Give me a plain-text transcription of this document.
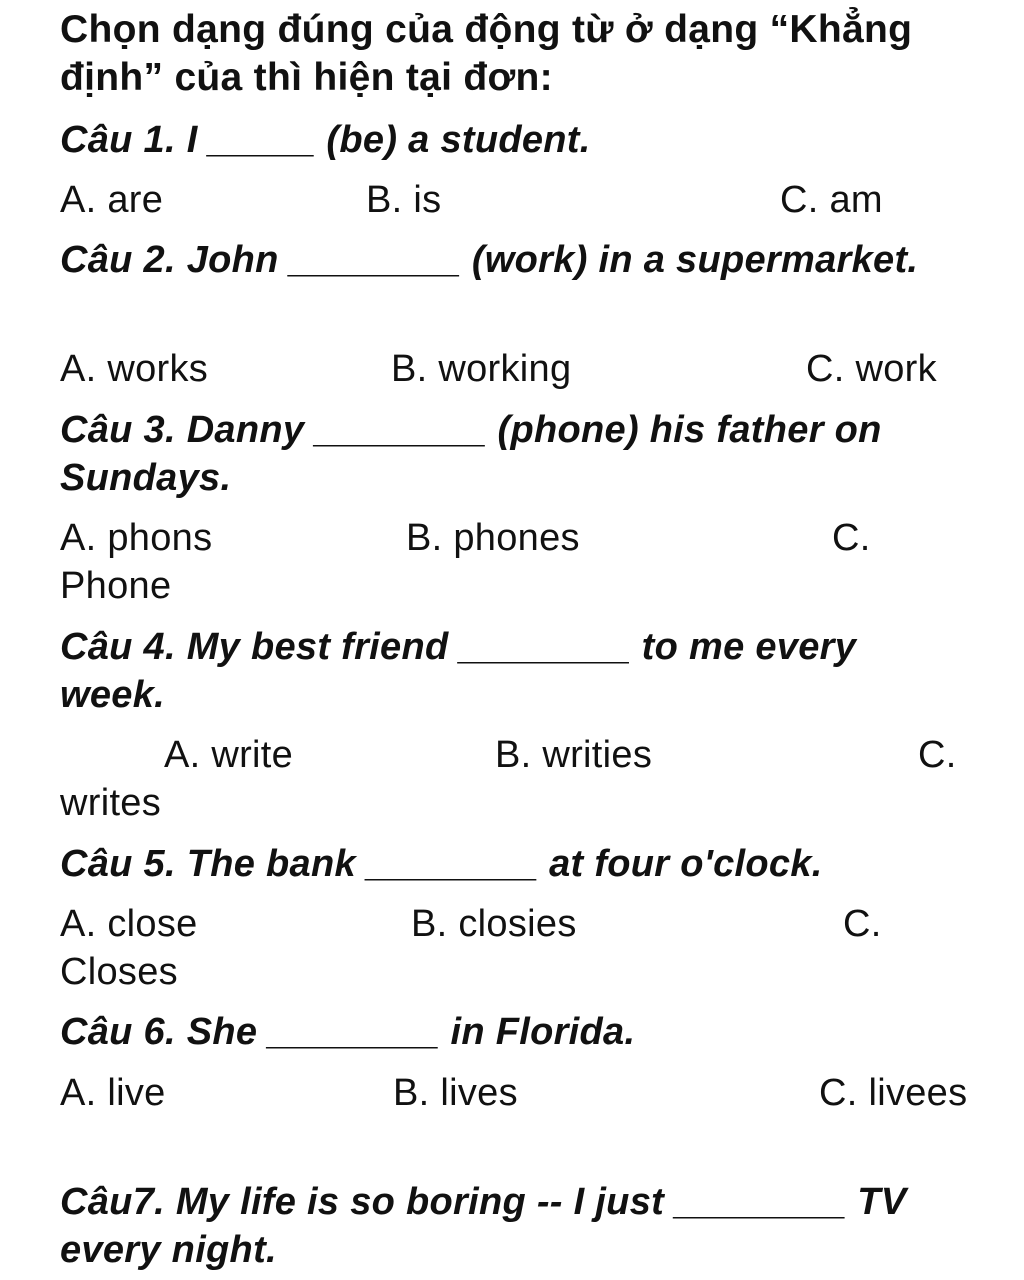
Chọn dạng đúng của động từ ở dạng “Khẳng
định” của thì hiện tại đơn:
Câu 1. I _____ (be) a student.
A. are	B. is	C. am
Câu 2. John ________ (work) in a supermarket.
A. works	B. working	C. work
Câu 3. Danny ________ (phone) his father on
Sundays.
A. phons	B. phones	C.
Phone
Câu 4. My best friend ________ to me every
week.
A. write	B. writies	C.
writes
Câu 5. The bank ________ at four o'clock.
A. close	B. closies	C.
Closes
Câu 6. She ________ in Florida.
A. live	B. lives	C. livees
Câu7. My life is so boring -- I just ________ TV
every night.
